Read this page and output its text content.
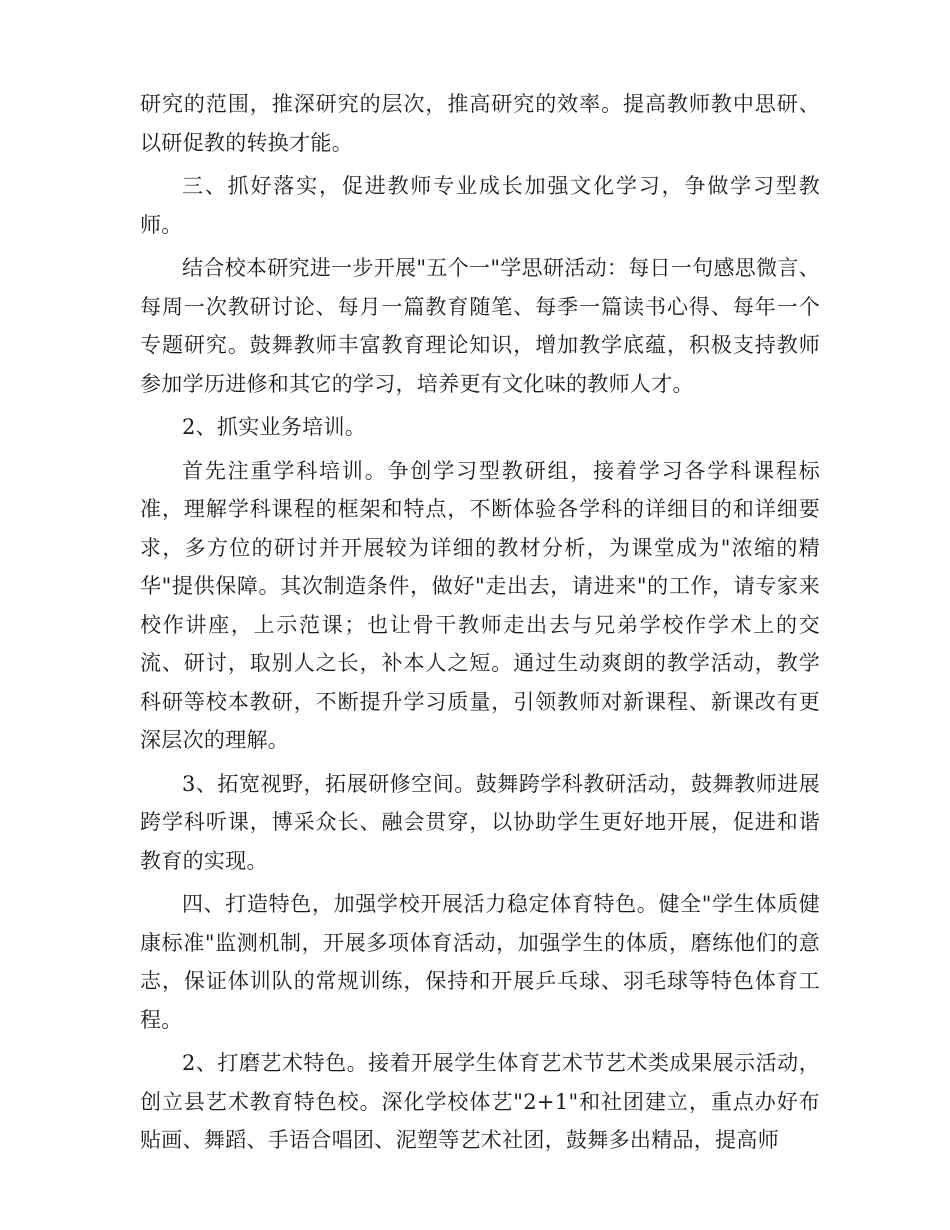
研究的范围，推深研究的层次，推高研究的效率。提高教师教中思研、以研促教的转换才能。

三、抓好落实，促进教师专业成长加强文化学习，争做学习型教师。

结合校本研究进一步开展"五个一"学思研活动：每日一句感思微言、每周一次教研讨论、每月一篇教育随笔、每季一篇读书心得、每年一个专题研究。鼓舞教师丰富教育理论知识，增加教学底蕴，积极支持教师参加学历进修和其它的学习，培养更有文化味的教师人才。

2、抓实业务培训。

首先注重学科培训。争创学习型教研组，接着学习各学科课程标准，理解学科课程的框架和特点，不断体验各学科的详细目的和详细要求，多方位的研讨并开展较为详细的教材分析，为课堂成为"浓缩的精华"提供保障。其次制造条件，做好"走出去，请进来"的工作，请专家来校作讲座，上示范课；也让骨干教师走出去与兄弟学校作学术上的交流、研讨，取别人之长，补本人之短。通过生动爽朗的教学活动，教学科研等校本教研，不断提升学习质量，引领教师对新课程、新课改有更深层次的理解。

3、拓宽视野，拓展研修空间。鼓舞跨学科教研活动，鼓舞教师进展跨学科听课，博采众长、融会贯穿，以协助学生更好地开展，促进和谐教育的实现。

四、打造特色，加强学校开展活力稳定体育特色。健全"学生体质健康标准"监测机制，开展多项体育活动，加强学生的体质，磨练他们的意志，保证体训队的常规训练，保持和开展乒乓球、羽毛球等特色体育工程。

2、打磨艺术特色。接着开展学生体育艺术节艺术类成果展示活动，创立县艺术教育特色校。深化学校体艺"2+1"和社团建立，重点办好布贴画、舞蹈、手语合唱团、泥塑等艺术社团，鼓舞多出精品，提高师
